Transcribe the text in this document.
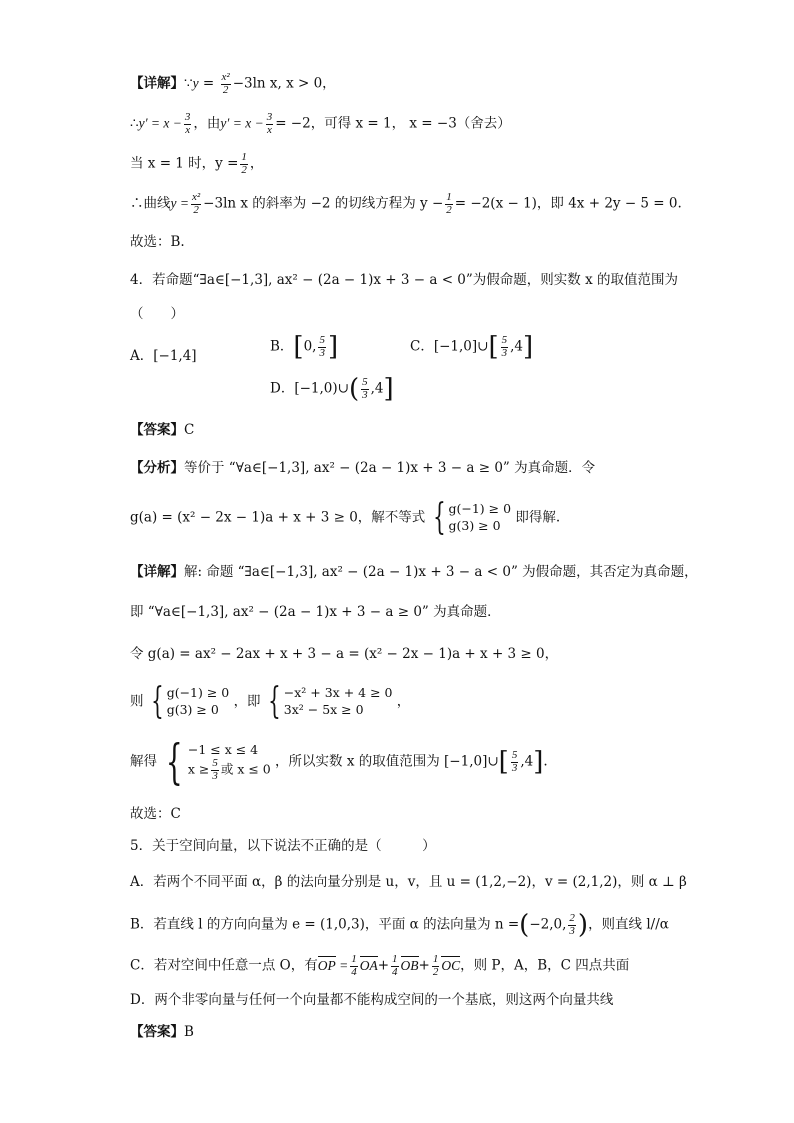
【详解】∵y = $\frac{\text{x²}}{2} -3\ln$ x, x > 0，
∴y′ = $x - \frac{3}{x}$ ，由$y' = x - \frac{3}{x} = -2$，可得 x = 1， x = −3（舍去）
当 x = 1 时，$y = \frac{1}{2}$ ，
∴曲线$y = \frac{\text{x²}}{2} -3\ln$ x 的斜率为 −2 的切线方程为 $y - \frac{1}{2} = -2(x - 1)$，即 4x + 2y − 5 = 0.
故选：B.
4．若命题“∃a∈[−1,3], ax² − (2a − 1)x + 3 − a < 0”为假命题，则实数 x 的取值范围为
（　　）
A．[−1,4]
B．[0, $\frac{5}{3}$ ]	C．[−1,0]∪[ $\frac{5}{3} ,4$]
D．[−1,0)∪( $\frac{5}{3} ,4$]
【答案】C
【分析】等价于 “∀a∈[−1,3], ax² − (2a − 1)x + 3 − a ≥ 0” 为真命题．令
g(a) = (x² − 2x − 1)a + x + 3 ≥ 0，解不等式 { g(−1) ≥ 0
g(3) ≥ 0	即得解.
【详解】解: 命题 “∃a∈[−1,3], ax² − (2a − 1)x + 3 − a < 0” 为假命题，其否定为真命题，
即 “∀a∈[−1,3], ax² − (2a − 1)x + 3 − a ≥ 0” 为真命题．
令 g(a) = ax² − 2ax + x + 3 − a = (x² − 2x − 1)a + x + 3 ≥ 0，
则 { g(−1) ≥ 0
g(3) ≥ 0	，即 { −x² + 3x + 4 ≥ 0
3x² − 5x ≥ 0	，
解得 { −1 ≤ x ≤ 4
$x \ge \frac{5}{3}$ 或 x ≤ 0 ，所以实数 x 的取值范围为 [−1,0]∪[ $\frac{5}{3} ,4$].
故选：C
5．关于空间向量，以下说法不正确的是（　　　）
A．若两个不同平面 α，β 的法向量分别是 u，v，且 u = (1,2,−2)，v = (2,1,2)，则 α ⊥ β
B．若直线 l 的方向向量为 e = (1,0,3)，平面 α 的法向量为 n =(−2,0, $\frac{2}{3}$ )，则直线 l//α
C．若对空间中任意一点 O，有OP = $\frac{1}{4} OA+ \frac{1}{4} OB+ \frac{1}{2}$ OC，则 P，A，B，C 四点共面
D．两个非零向量与任何一个向量都不能构成空间的一个基底，则这两个向量共线
【答案】B
